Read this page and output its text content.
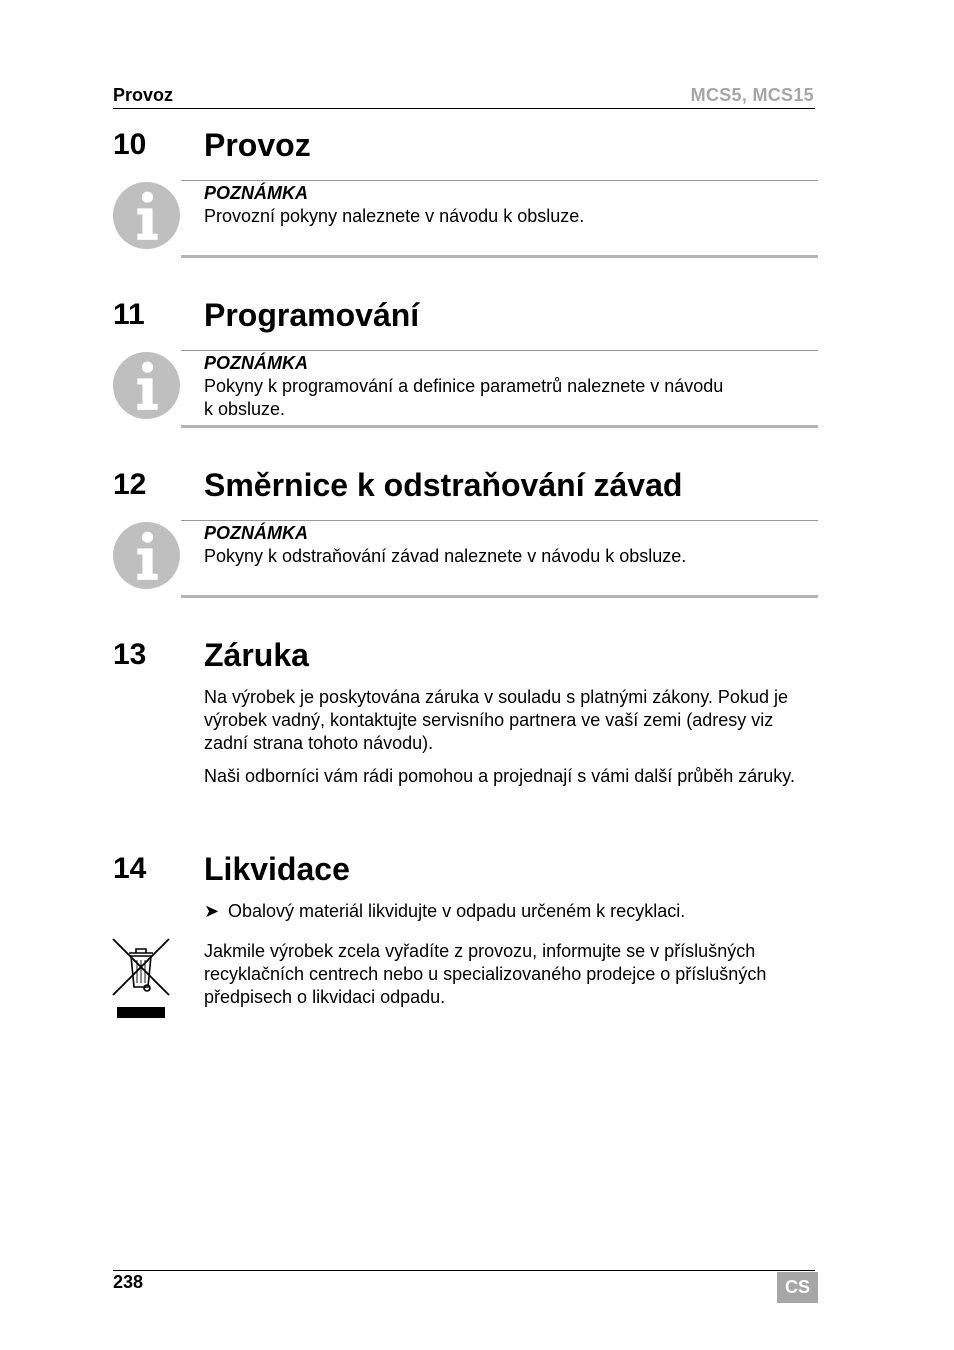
Provoz	MCS5, MCS15
10 Provoz
POZNÁMKA
Provozní pokyny naleznete v návodu k obsluze.
11 Programování
POZNÁMKA
Pokyny k programování a definice parametrů naleznete v návodu
k obsluze.
12 Směrnice k odstraňování závad
POZNÁMKA
Pokyny k odstraňování závad naleznete v návodu k obsluze.
13 Záruka
Na výrobek je poskytována záruka v souladu s platnými zákony. Pokud je výrobek vadný, kontaktujte servisního partnera ve vaší zemi (adresy viz zadní strana tohoto návodu).
Naši odborníci vám rádi pomohou a projednají s vámi další průběh záruky.
14 Likvidace
➤ Obalový materiál likvidujte v odpadu určeném k recyklaci.
Jakmile výrobek zcela vyřadíte z provozu, informujte se v příslušných recyklačních centrech nebo u specializovaného prodejce o příslušných předpisech o likvidaci odpadu.
238	CS
